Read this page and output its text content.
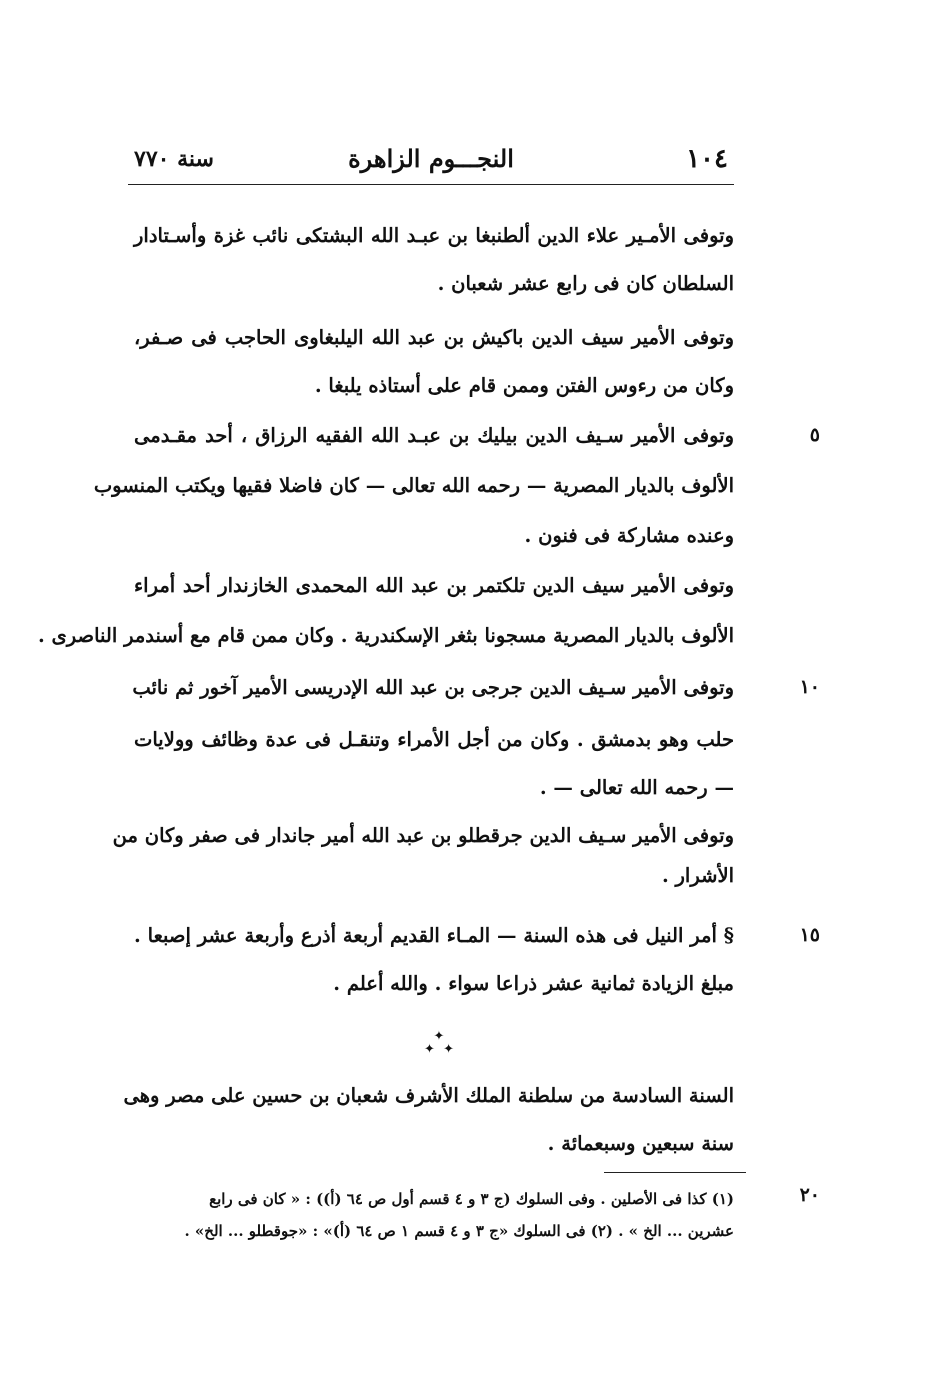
١٠٤
النجـــوم الزاهرة
سنة ٧٧٠
٥
١٠
١٥
٢٠
وتوفى الأمـير علاء الدين ألطنبغا بن عبـد الله البشتكى نائب غزة وأسـتادار
السلطان كان فى رابع عشر شعبان .
وتوفى الأمير سيف الدين باكيش بن عبد الله اليلبغاوى الحاجب فى صـفر،
وكان من رءوس الفتن وممن قام على أستاذه يلبغا .
وتوفى الأمير سـيف الدين بيليك بن عبـد الله الفقيه الرزاق ، أحد مقـدمى
الألوف بالديار المصرية — رحمه الله تعالى — كان فاضلا فقيها ويكتب المنسوب
وعنده مشاركة فى فنون .
وتوفى الأمير سيف الدين تلكتمر بن عبد الله المحمدى الخازندار أحد أمراء
الألوف بالديار المصرية مسجونا بثغر الإسكندرية . وكان ممن قام مع أسندمر الناصرى .
وتوفى الأمير سـيف الدين جرجى بن عبد الله الإدريسى الأمير آخور ثم نائب
حلب وهو بدمشق . وكان من أجل الأمراء وتنقـل فى عدة وظائف وولايات
— رحمه الله تعالى — .
وتوفى الأمير سـيف الدين جرقطلو بن عبد الله أمير جاندار فى صفر وكان من
الأشرار .
§ أمر النيل فى هذه السنة — المـاء القديم أربعة أذرع وأربعة عشر إصبعا .
مبلغ الزيادة ثمانية عشر ذراعا سواء . والله أعلم .
✦
✦  ✦
السنة السادسة من سلطنة الملك الأشرف شعبان بن حسين على مصر وهى
سنة سبعين وسبعمائة .
(١) كذا فى الأصلين . وفى السلوك (ج ٣ و ٤ قسم أول ص ٦٤ (أ)) : « كان فى رابع
عشرين ... الخ » . (٢) فى السلوك «ج ٣ و ٤ قسم ١ ص ٦٤ (أ)» : «جوقطلو ... الخ» .
